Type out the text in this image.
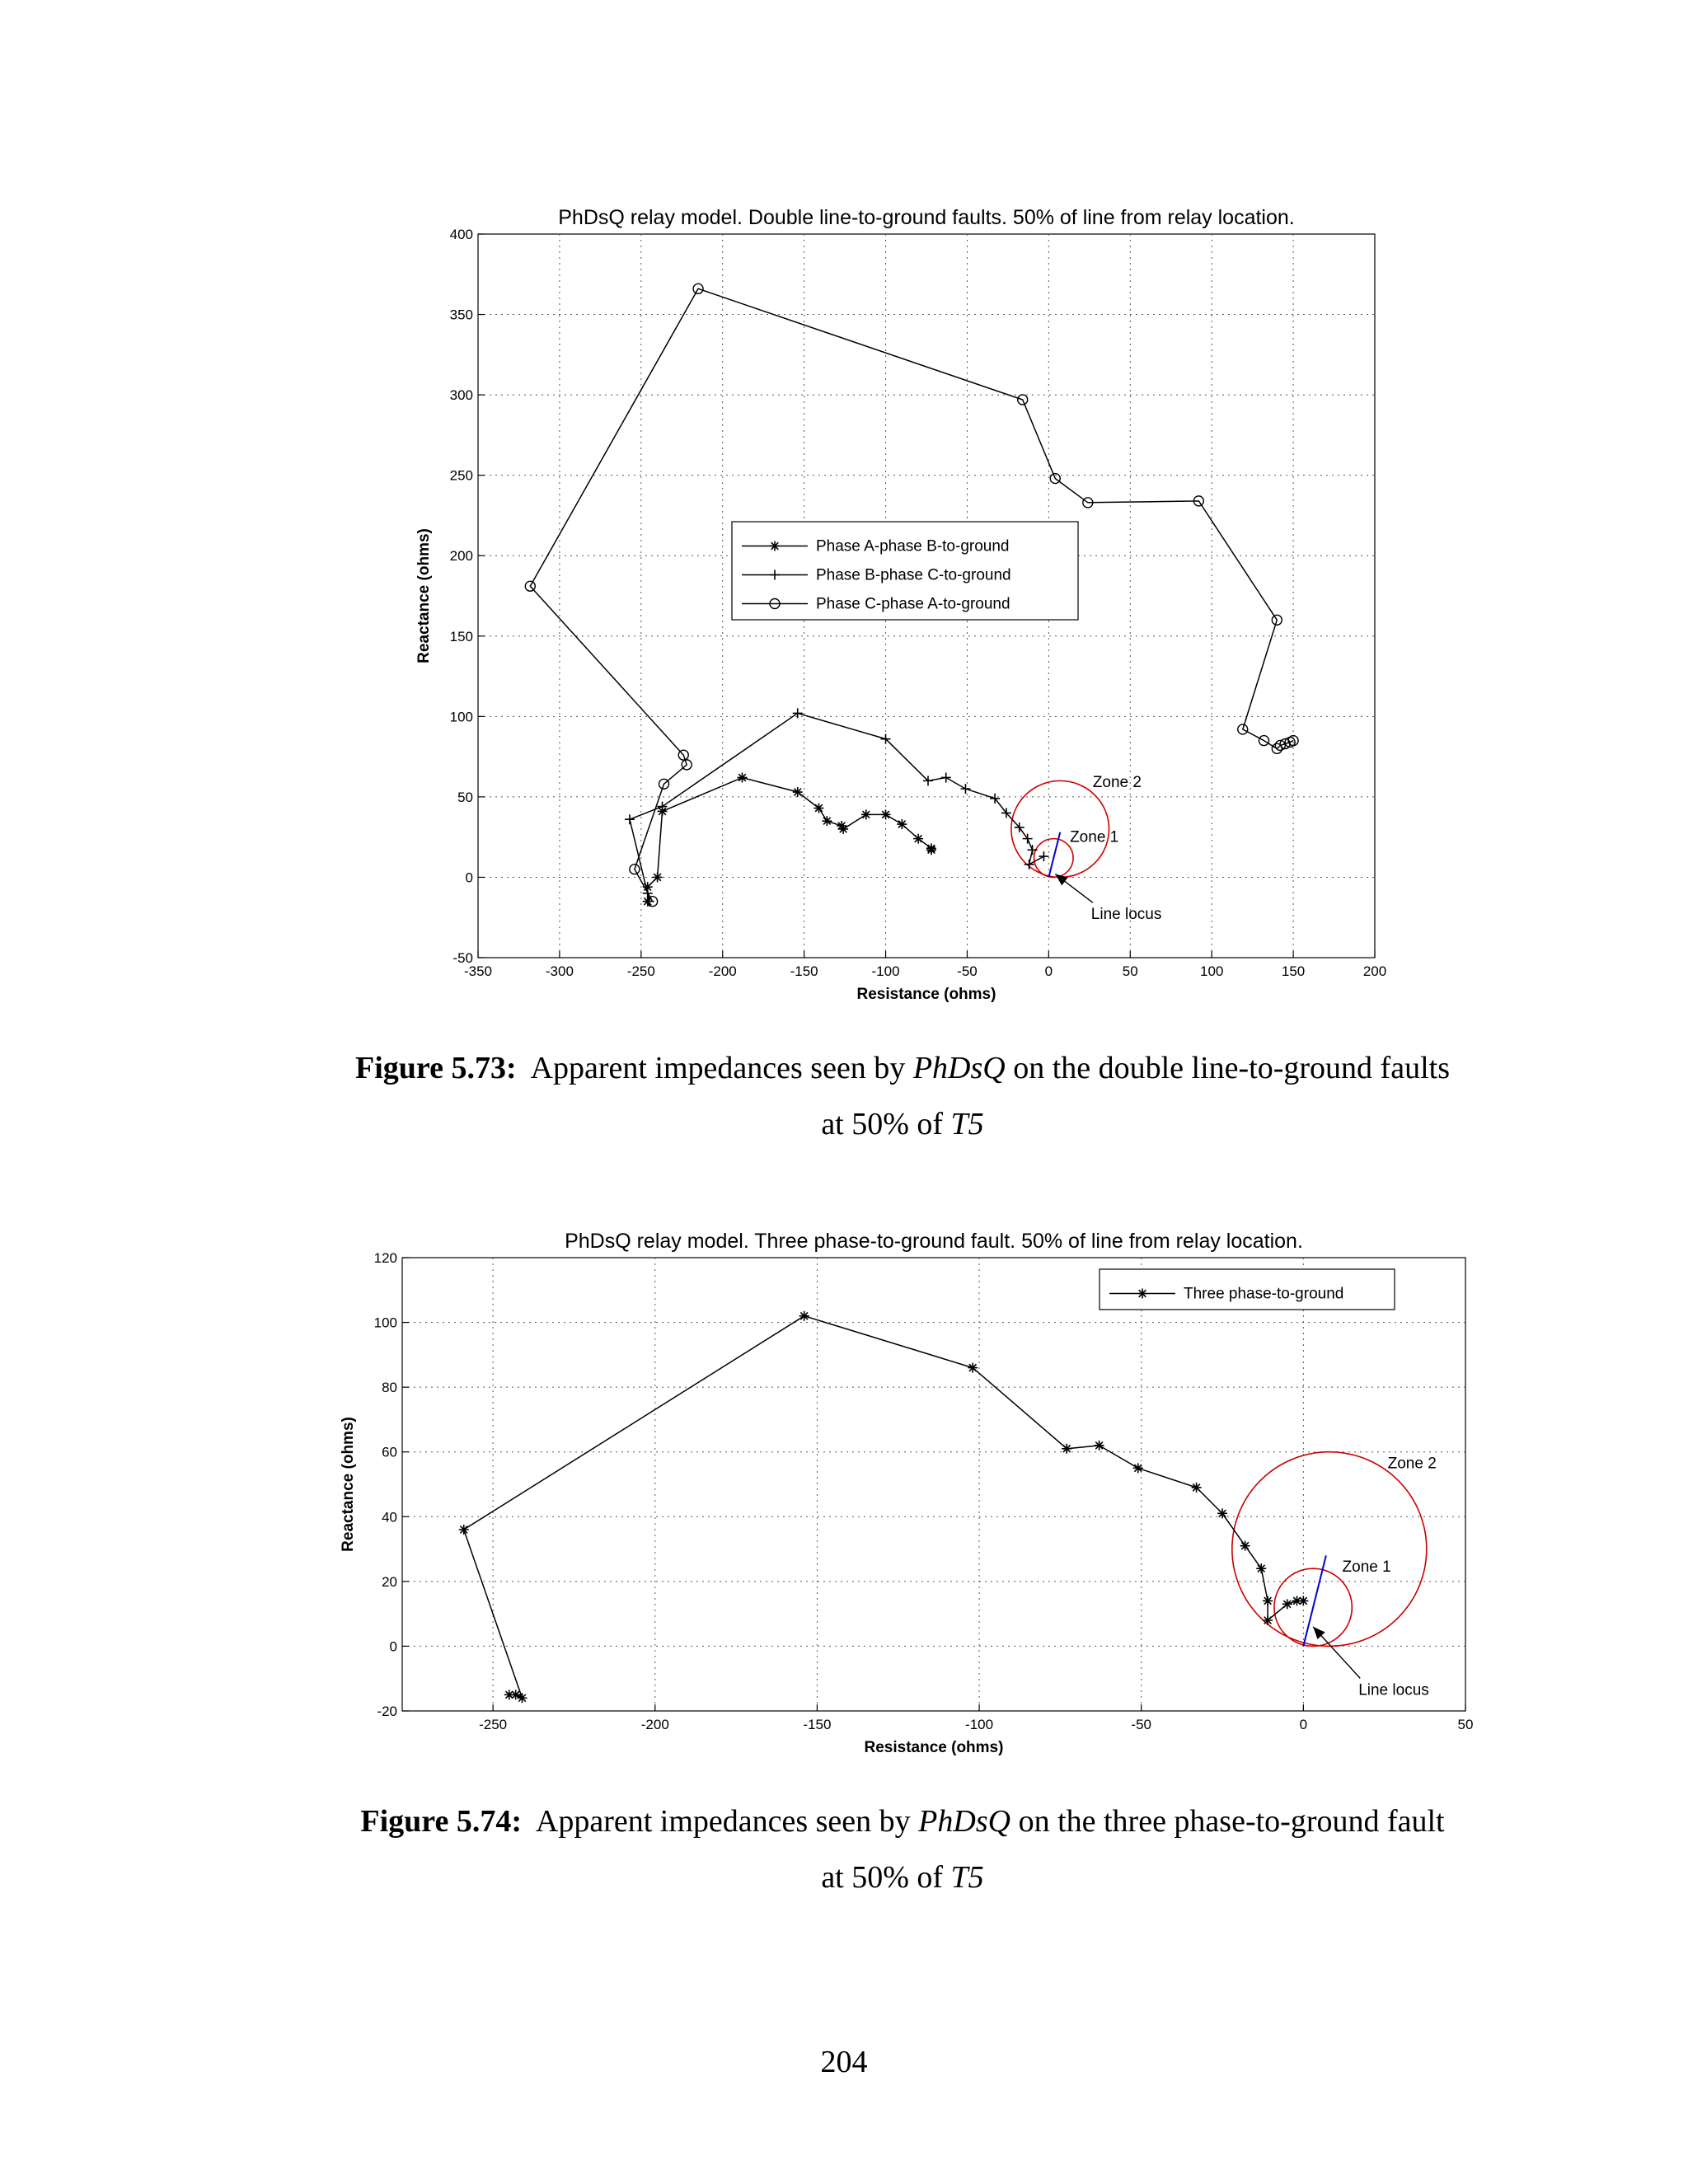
-350	-300	-250	-200	-150	-100	-50	0	50	100	150	200
-50
0
50
100
150
200
250
300
350
400
PhDsQ relay model. Double line-to-ground faults. 50% of line from relay location.
Resistance (ohms)
Reactance (ohms)
Zone 2
Zone 1
Line locus
Phase A-phase B-to-ground
Phase B-phase C-to-ground
Phase C-phase A-to-ground
Figure 5.73: Apparent impedances seen by PhDsQ on the double line-to-ground faults
at 50% of T5
-250	-200	-150	-100	-50	0	50
-20
0
20
40
60
80
100
120
PhDsQ relay model. Three phase-to-ground fault. 50% of line from relay location.
Resistance (ohms)
Reactance (ohms)	Zone 2
Zone 1
Line locus
Three phase-to-ground
Figure 5.74: Apparent impedances seen by PhDsQ on the three phase-to-ground fault
at 50% of T5
204
